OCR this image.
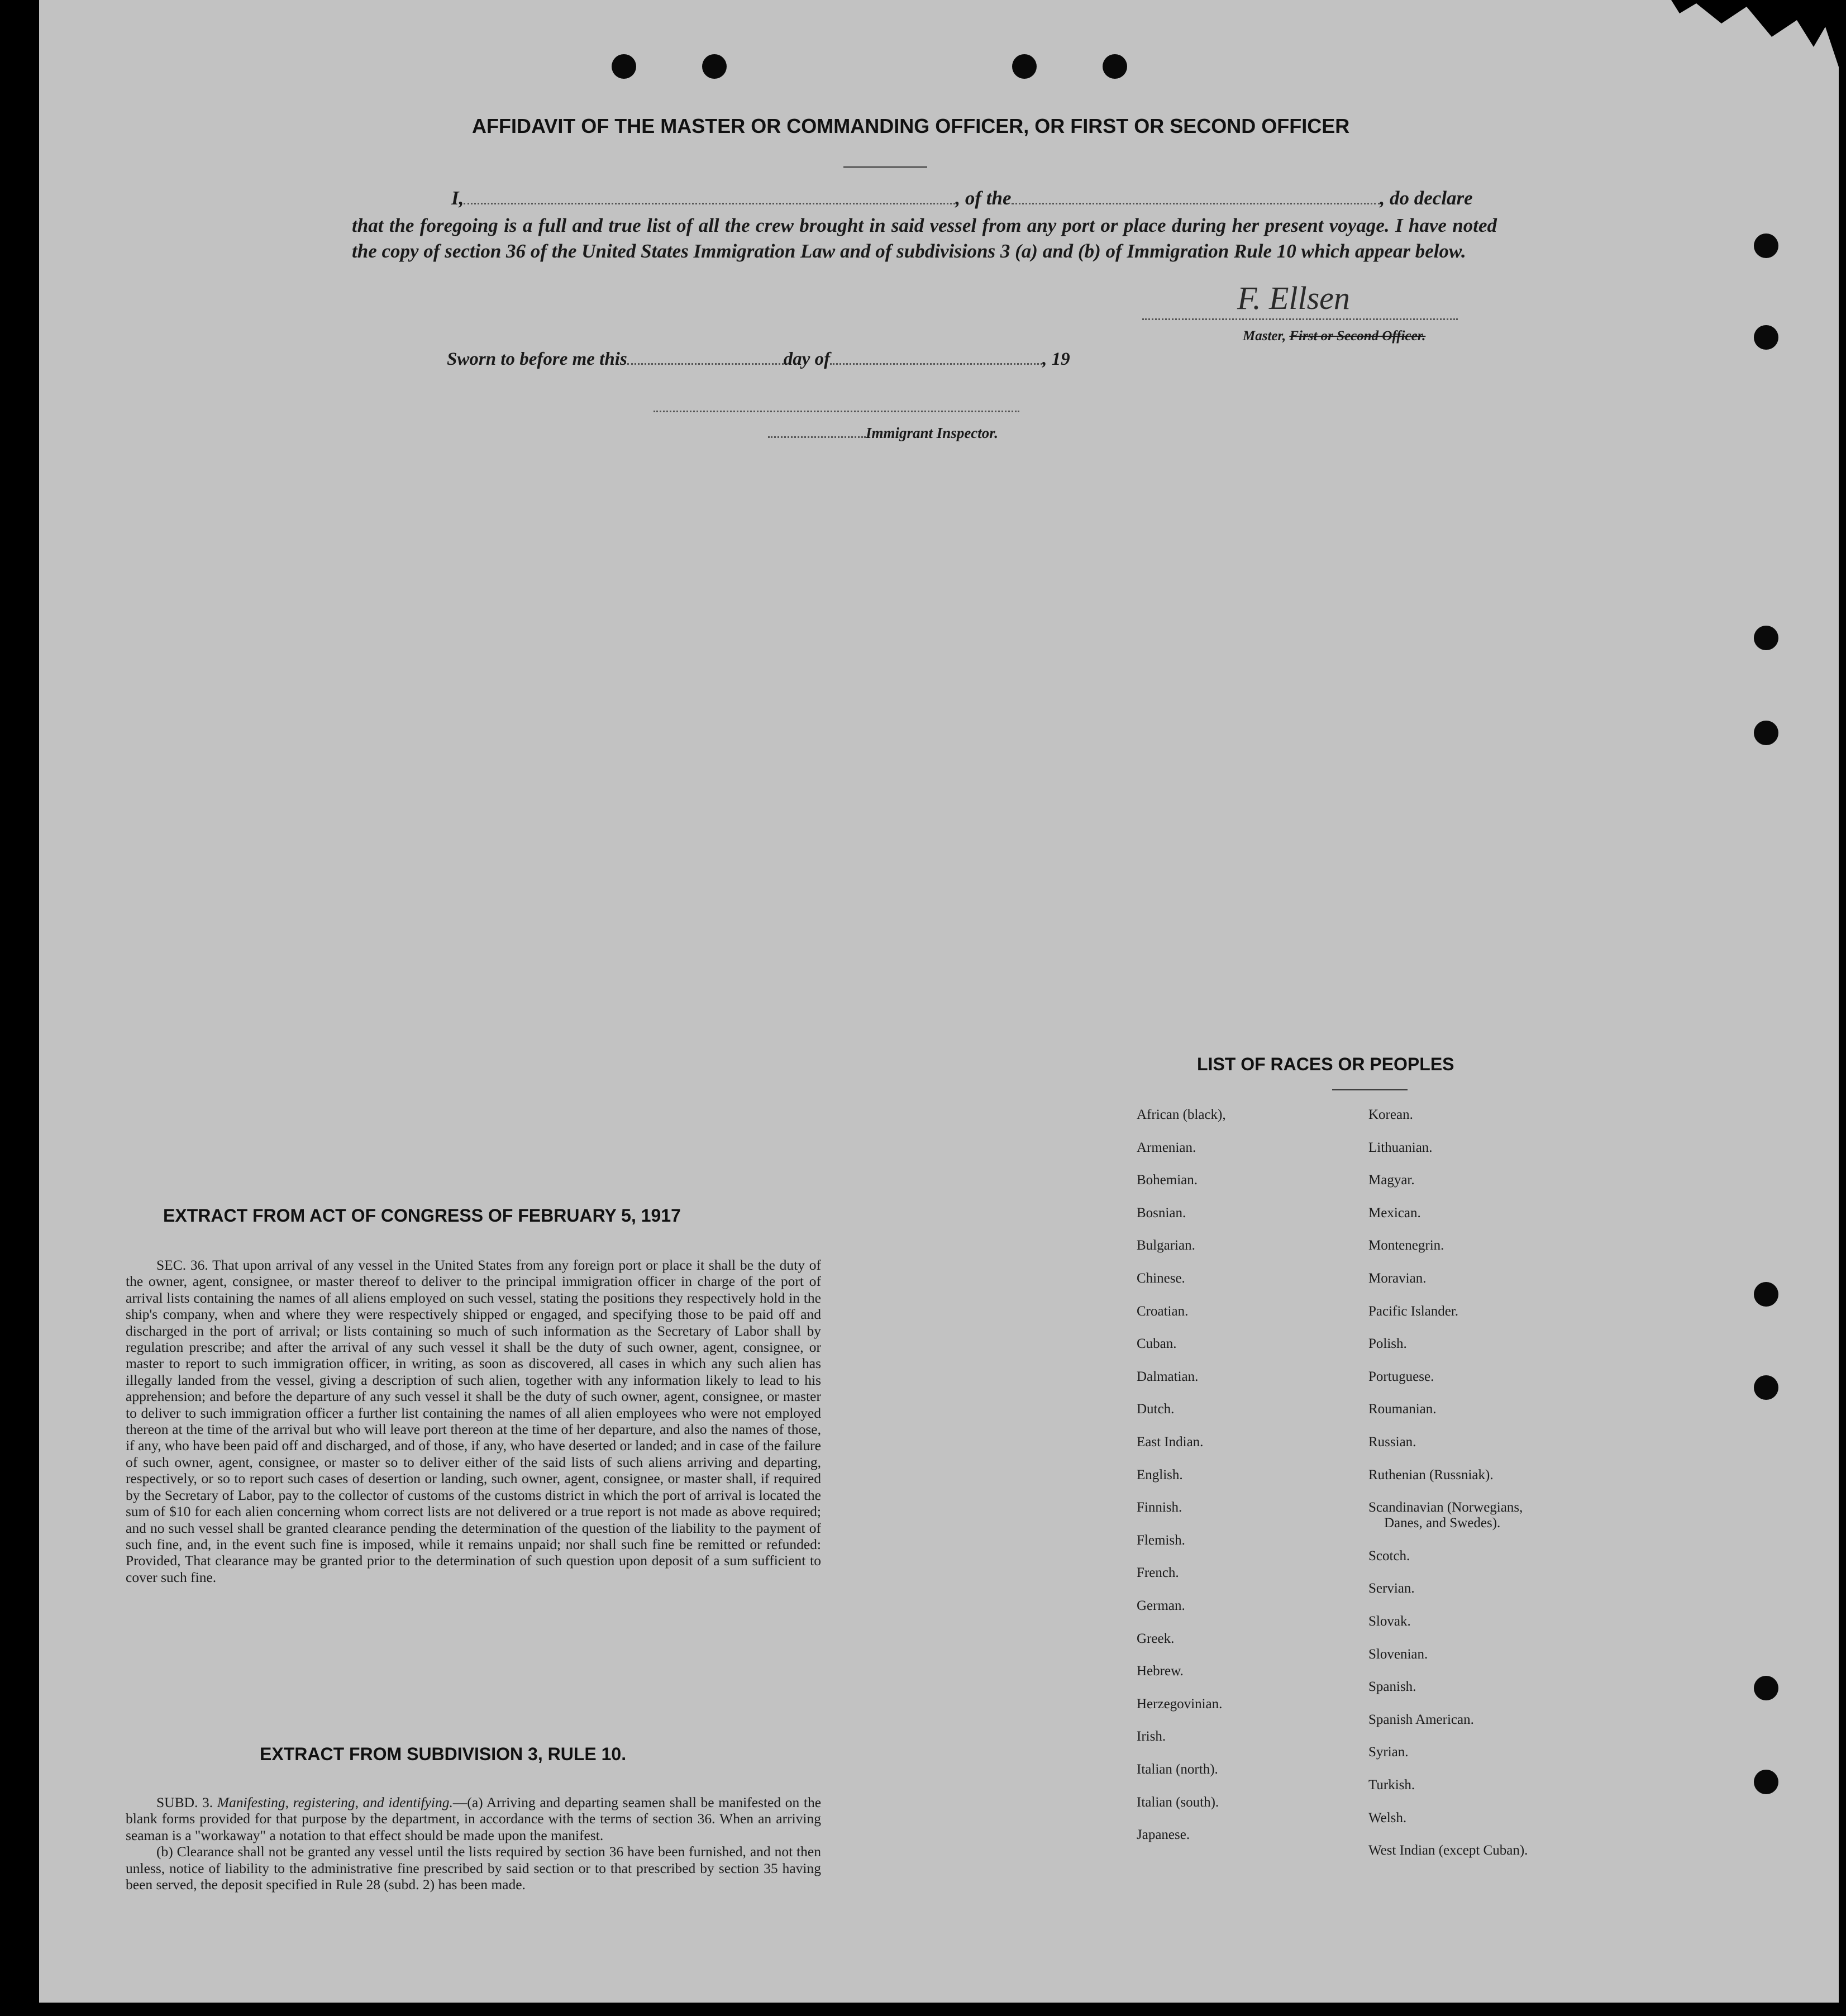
AFFIDAVIT OF THE MASTER OR COMMANDING OFFICER, OR FIRST OR SECOND OFFICER
I,	, of the	, do declare
that the foregoing is a full and true list of all the crew brought in said vessel from any port or place during her present voyage. I have noted the copy of section 36 of the United States Immigration Law and of subdivisions 3 (a) and (b) of Immigration Rule 10 which appear below.
F. Ellsen
Master, First or Second Officer.
Sworn to before me this	day of	, 19
Immigrant Inspector.
EXTRACT FROM ACT OF CONGRESS OF FEBRUARY 5, 1917
SEC. 36. That upon arrival of any vessel in the United States from any foreign port or place it shall be the duty of the owner, agent, consignee, or master thereof to deliver to the principal immigration officer in charge of the port of arrival lists containing the names of all aliens employed on such vessel, stating the positions they respectively hold in the ship's company, when and where they were respectively shipped or engaged, and specifying those to be paid off and discharged in the port of arrival; or lists containing so much of such information as the Secretary of Labor shall by regulation prescribe; and after the arrival of any such vessel it shall be the duty of such owner, agent, consignee, or master to report to such immigration officer, in writing, as soon as discovered, all cases in which any such alien has illegally landed from the vessel, giving a description of such alien, together with any information likely to lead to his apprehension; and before the departure of any such vessel it shall be the duty of such owner, agent, consignee, or master to deliver to such immigration officer a further list containing the names of all alien employees who were not employed thereon at the time of the arrival but who will leave port thereon at the time of her departure, and also the names of those, if any, who have been paid off and discharged, and of those, if any, who have deserted or landed; and in case of the failure of such owner, agent, consignee, or master so to deliver either of the said lists of such aliens arriving and departing, respectively, or so to report such cases of desertion or landing, such owner, agent, consignee, or master shall, if required by the Secretary of Labor, pay to the collector of customs of the customs district in which the port of arrival is located the sum of $10 for each alien concerning whom correct lists are not delivered or a true report is not made as above required; and no such vessel shall be granted clearance pending the determination of the question of the liability to the payment of such fine, and, in the event such fine is imposed, while it remains unpaid; nor shall such fine be remitted or refunded: Provided, That clearance may be granted prior to the determination of such question upon deposit of a sum sufficient to cover such fine.
EXTRACT FROM SUBDIVISION 3, RULE 10.

SUBD. 3. Manifesting, registering, and identifying.—(a) Arriving and departing seamen shall be manifested on the blank forms provided for that purpose by the department, in accordance with the terms of section 36. When an arriving seaman is a "workaway" a notation to that effect should be made upon the manifest.

(b) Clearance shall not be granted any vessel until the lists required by section 36 have been furnished, and not then unless, notice of liability to the administrative fine prescribed by said section or to that prescribed by section 35 having been served, the deposit specified in Rule 28 (subd. 2) has been made.

LIST OF RACES OR PEOPLES
African (black),
Armenian.
Bohemian.
Bosnian.
Bulgarian.
Chinese.
Croatian.
Cuban.
Dalmatian.
Dutch.
East Indian.
English.
Finnish.
Flemish.
French.
German.
Greek.
Hebrew.
Herzegovinian.
Irish.
Italian (north).
Italian (south).
Japanese.
Korean.
Lithuanian.
Magyar.
Mexican.
Montenegrin.
Moravian.
Pacific Islander.
Polish.
Portuguese.
Roumanian.
Russian.
Ruthenian (Russniak).
Scandinavian (Norwegians,
Danes, and Swedes).
Scotch.
Servian.
Slovak.
Slovenian.
Spanish.
Spanish American.
Syrian.
Turkish.
Welsh.
West Indian (except Cuban).
